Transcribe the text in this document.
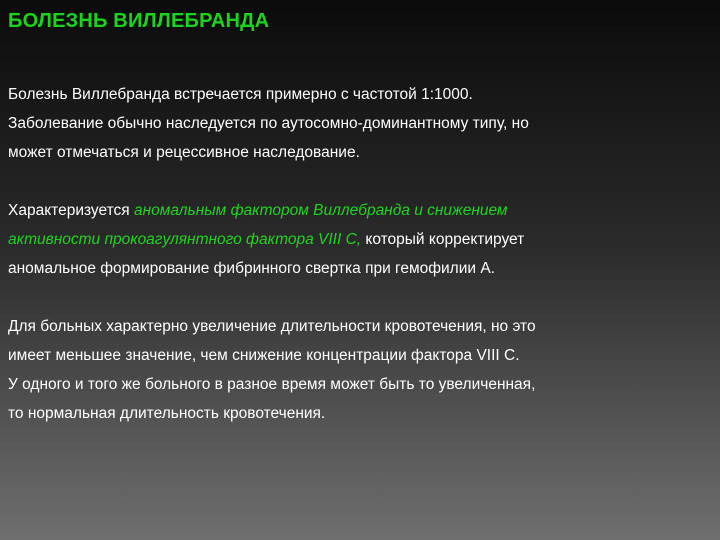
БОЛЕЗНЬ ВИЛЛЕБРАНДА

Болезнь Виллебранда встречается примерно с частотой 1:1000.
Заболевание обычно наследуется по аутосомно-доминантному типу, но
может отмечаться и рецессивное наследование.

Характеризуется аномальным фактором Виллебранда и снижением
активности прокоагулянтного фактора VIII C, который корректирует
аномальное формирование фибринного свертка при гемофилии А.

Для больных характерно увеличение длительности кровотечения, но это
имеет меньшее значение, чем снижение концентрации фактора VIII С.
У одного и того же больного в разное время может быть то увеличенная,
то нормальная длительность кровотечения.
